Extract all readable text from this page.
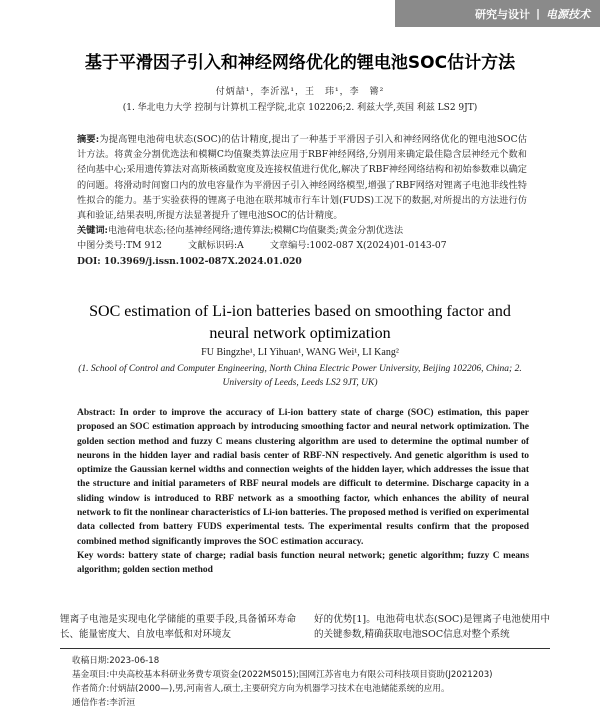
研究与设计 | 电源技术
基于平滑因子引入和神经网络优化的锂电池SOC估计方法
付炳喆¹，李沂泓¹，王　玮¹，李　锵²
(1. 华北电力大学 控制与计算机工程学院,北京 102206;2. 利兹大学,英国 利兹 LS2 9JT)

摘要:为提高锂电池荷电状态(SOC)的估计精度,提出了一种基于平滑因子引入和神经网络优化的锂电池SOC估计方法。将黄金分割优选法和模糊C均值聚类算法应用于RBF神经网络,分别用来确定最佳隐含层神经元个数和径向基中心;采用遗传算法对高斯核函数宽度及连接权值进行优化,解决了RBF神经网络结构和初始参数难以确定的问题。将滑动时间窗口内的放电容量作为平滑因子引入神经网络模型,增强了RBF网络对锂离子电池非线性特性拟合的能力。基于实验获得的锂离子电池在联邦城市行车计划(FUDS)工况下的数据,对所提出的方法进行仿真和验证,结果表明,所提方法显著提升了锂电池SOC的估计精度。

关键词:电池荷电状态;径向基神经网络;遗传算法;模糊C均值聚类;黄金分割优选法

中图分类号:TM 912	文献标识码:A	文章编号:1002-087 X(2024)01-0143-07

DOI: 10.3969/j.issn.1002-087X.2024.01.020

SOC estimation of Li-ion batteries based on smoothing factor and neural network optimization
FU Bingzhe¹, LI Yihuan¹, WANG Wei¹, LI Kang²
(1. School of Control and Computer Engineering, North China Electric Power University, Beijing 102206, China; 2. University of Leeds, Leeds LS2 9JT, UK)

Abstract: In order to improve the accuracy of Li-ion battery state of charge (SOC) estimation, this paper proposed an SOC estimation approach by introducing smoothing factor and neural network optimization. The golden section method and fuzzy C means clustering algorithm are used to determine the optimal number of neurons in the hidden layer and radial basis center of RBF-NN respectively. And genetic algorithm is used to optimize the Gaussian kernel widths and connection weights of the hidden layer, which addresses the issue that the structure and initial parameters of RBF neural models are difficult to determine. Discharge capacity in a sliding window is introduced to RBF network as a smoothing factor, which enhances the ability of neural network to fit the nonlinear characteristics of Li-ion batteries. The proposed method is verified on experimental data collected from battery FUDS experimental tests. The experimental results confirm that the proposed combined method significantly improves the SOC estimation accuracy.

Key words: battery state of charge; radial basis function neural network; genetic algorithm; fuzzy C means algorithm; golden section method

锂离子电池是实现电化学储能的重要手段,具备循环寿命长、能量密度大、自放电率低和对环境友
好的优势[1]。电池荷电状态(SOC)是锂离子电池使用中的关键参数,精确获取电池SOC信息对整个系统

收稿日期:2023-06-18

基金项目:中央高校基本科研业务费专项资金(2022MS015);国网江苏省电力有限公司科技项目资助(J2021203)

作者简介:付炳喆(2000—),男,河南省人,硕士,主要研究方向为机器学习技术在电池储能系统的应用。

通信作者:李沂洹
